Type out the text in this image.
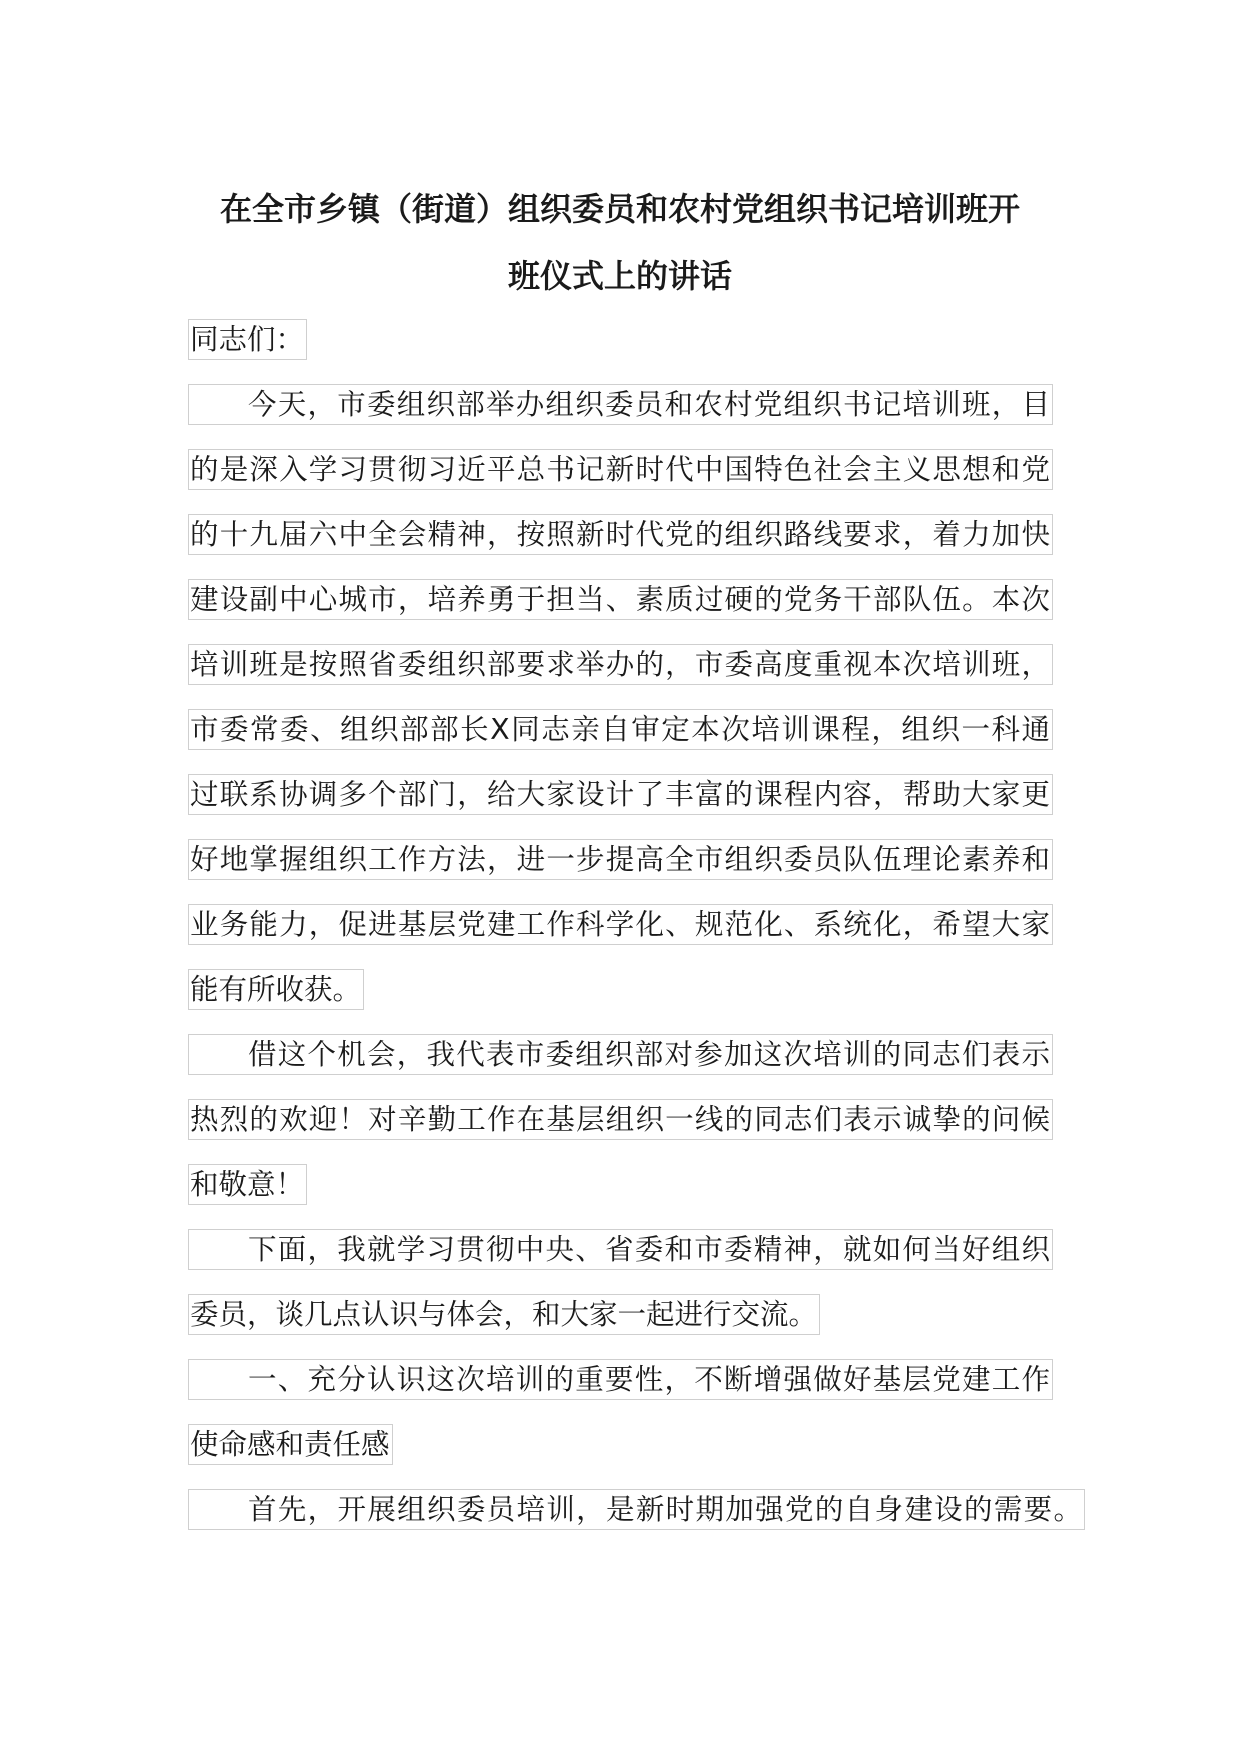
在全市乡镇（街道）组织委员和农村党组织书记培训班开
班仪式上的讲话
同志们：
今天，市委组织部举办组织委员和农村党组织书记培训班，目
的是深入学习贯彻习近平总书记新时代中国特色社会主义思想和党
的十九届六中全会精神，按照新时代党的组织路线要求，着力加快
建设副中心城市，培养勇于担当、素质过硬的党务干部队伍。本次
培训班是按照省委组织部要求举办的，市委高度重视本次培训班，
市委常委、组织部部长X同志亲自审定本次培训课程，组织一科通
过联系协调多个部门，给大家设计了丰富的课程内容，帮助大家更
好地掌握组织工作方法，进一步提高全市组织委员队伍理论素养和
业务能力，促进基层党建工作科学化、规范化、系统化，希望大家
能有所收获。
借这个机会，我代表市委组织部对参加这次培训的同志们表示
热烈的欢迎！对辛勤工作在基层组织一线的同志们表示诚挚的问候
和敬意！
下面，我就学习贯彻中央、省委和市委精神，就如何当好组织
委员，谈几点认识与体会，和大家一起进行交流。
一、充分认识这次培训的重要性，不断增强做好基层党建工作
使命感和责任感
首先，开展组织委员培训，是新时期加强党的自身建设的需要。
